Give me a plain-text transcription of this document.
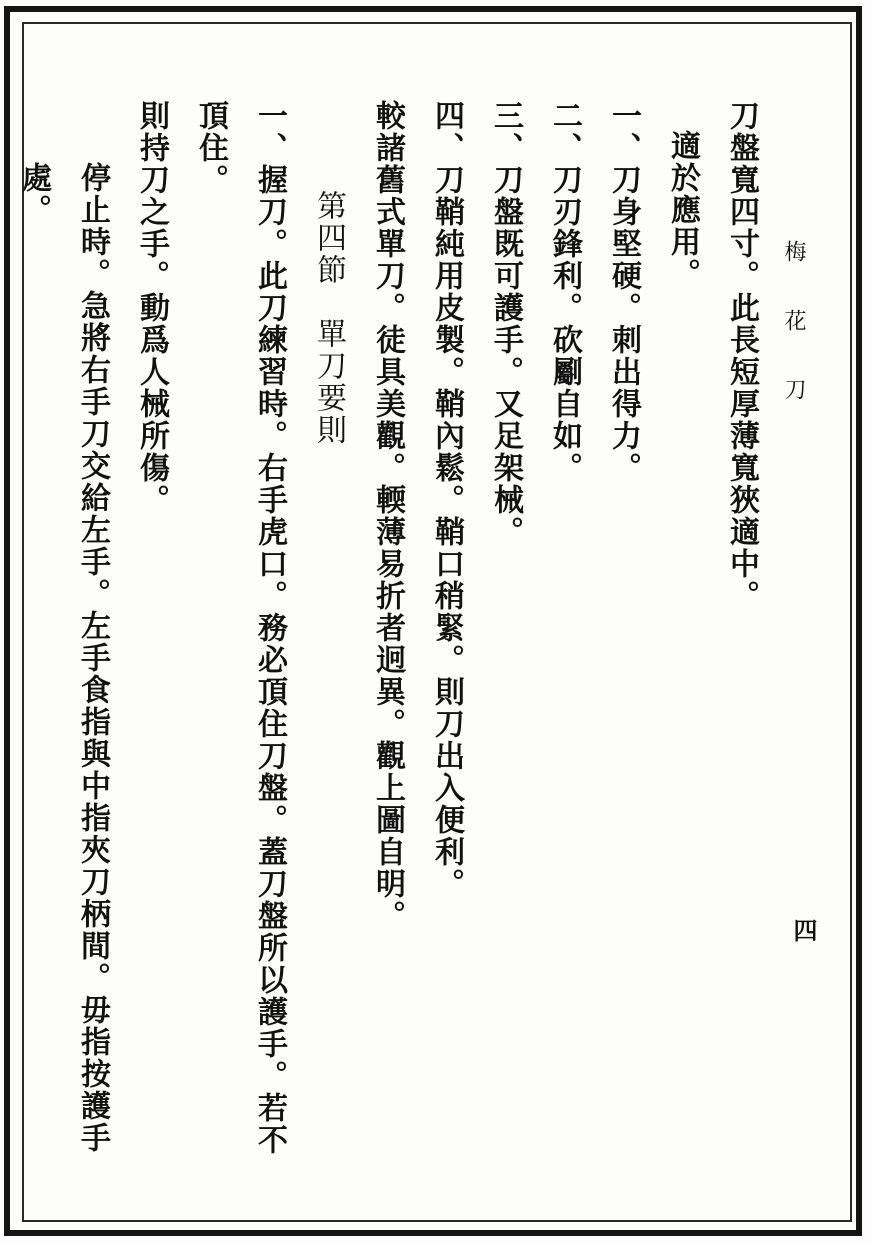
梅 花 刀
四
刀盤寬四寸。此長短厚薄寬狹適中。
適於應用。
一、刀身堅硬。刺出得力。
二、刀刃鋒利。砍劚自如。
三、刀盤既可護手。又足架械。
四、刀鞘純用皮製。鞘內鬆。鞘口稍緊。則刀出入便利。
較諸舊式單刀。徒具美觀。輭薄易折者迥異。觀上圖自明。
第四節　單刀要則
一、握刀。此刀練習時。右手虎口。務必頂住刀盤。蓋刀盤所以護手。若不頂住。
則持刀之手。動爲人械所傷。
停止時。急將右手刀交給左手。左手食指與中指夾刀柄間。毋指按護手處。
